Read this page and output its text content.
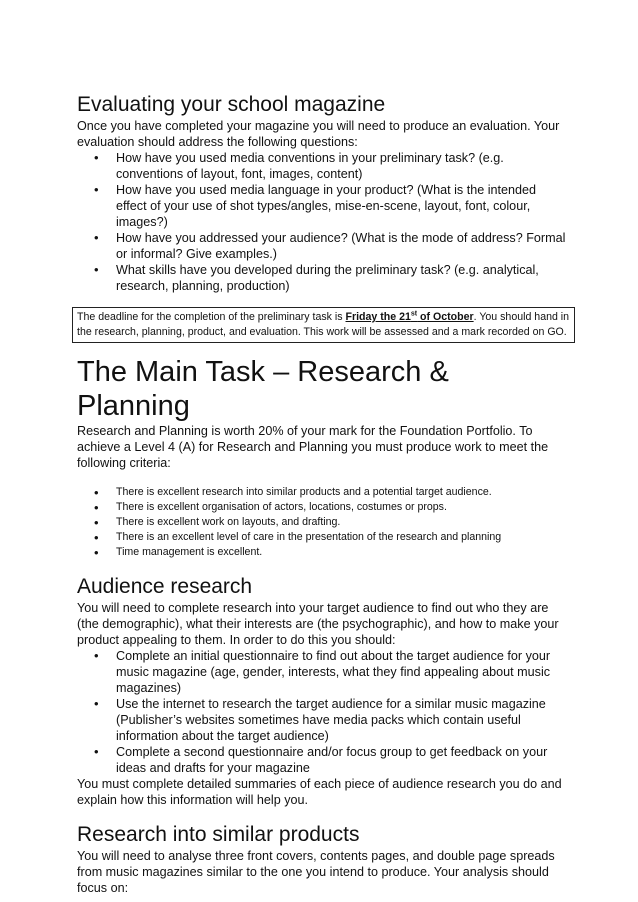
Evaluating your school magazine

Once you have completed your magazine you will need to produce an evaluation. Your evaluation should address the following questions:

• How have you used media conventions in your preliminary task? (e.g. conventions of layout, font, images, content)
• How have you used media language in your product? (What is the intended effect of your use of shot types/angles, mise-en-scene, layout, font, colour, images?)
• How have you addressed your audience? (What is the mode of address? Formal or informal? Give examples.)
• What skills have you developed during the preliminary task? (e.g. analytical, research, planning, production)
The deadline for the completion of the preliminary task is Friday the 21st of October. You should hand in the research, planning, product, and evaluation. This work will be assessed and a mark recorded on GO.
The Main Task – Research & Planning

Research and Planning is worth 20% of your mark for the Foundation Portfolio. To achieve a Level 4 (A) for Research and Planning you must produce work to meet the following criteria:

• There is excellent research into similar products and a potential target audience.
• There is excellent organisation of actors, locations, costumes or props.
• There is excellent work on layouts, and drafting.
• There is an excellent level of care in the presentation of the research and planning
• Time management is excellent.
Audience research

You will need to complete research into your target audience to find out who they are (the demographic), what their interests are (the psychographic), and how to make your product appealing to them. In order to do this you should:

• Complete an initial questionnaire to find out about the target audience for your music magazine (age, gender, interests, what they find appealing about music magazines)
• Use the internet to research the target audience for a similar music magazine (Publisher’s websites sometimes have media packs which contain useful information about the target audience)
• Complete a second questionnaire and/or focus group to get feedback on your ideas and drafts for your magazine

You must complete detailed summaries of each piece of audience research you do and explain how this information will help you.

Research into similar products

You will need to analyse three front covers, contents pages, and double page spreads from music magazines similar to the one you intend to produce. Your analysis should focus on:
